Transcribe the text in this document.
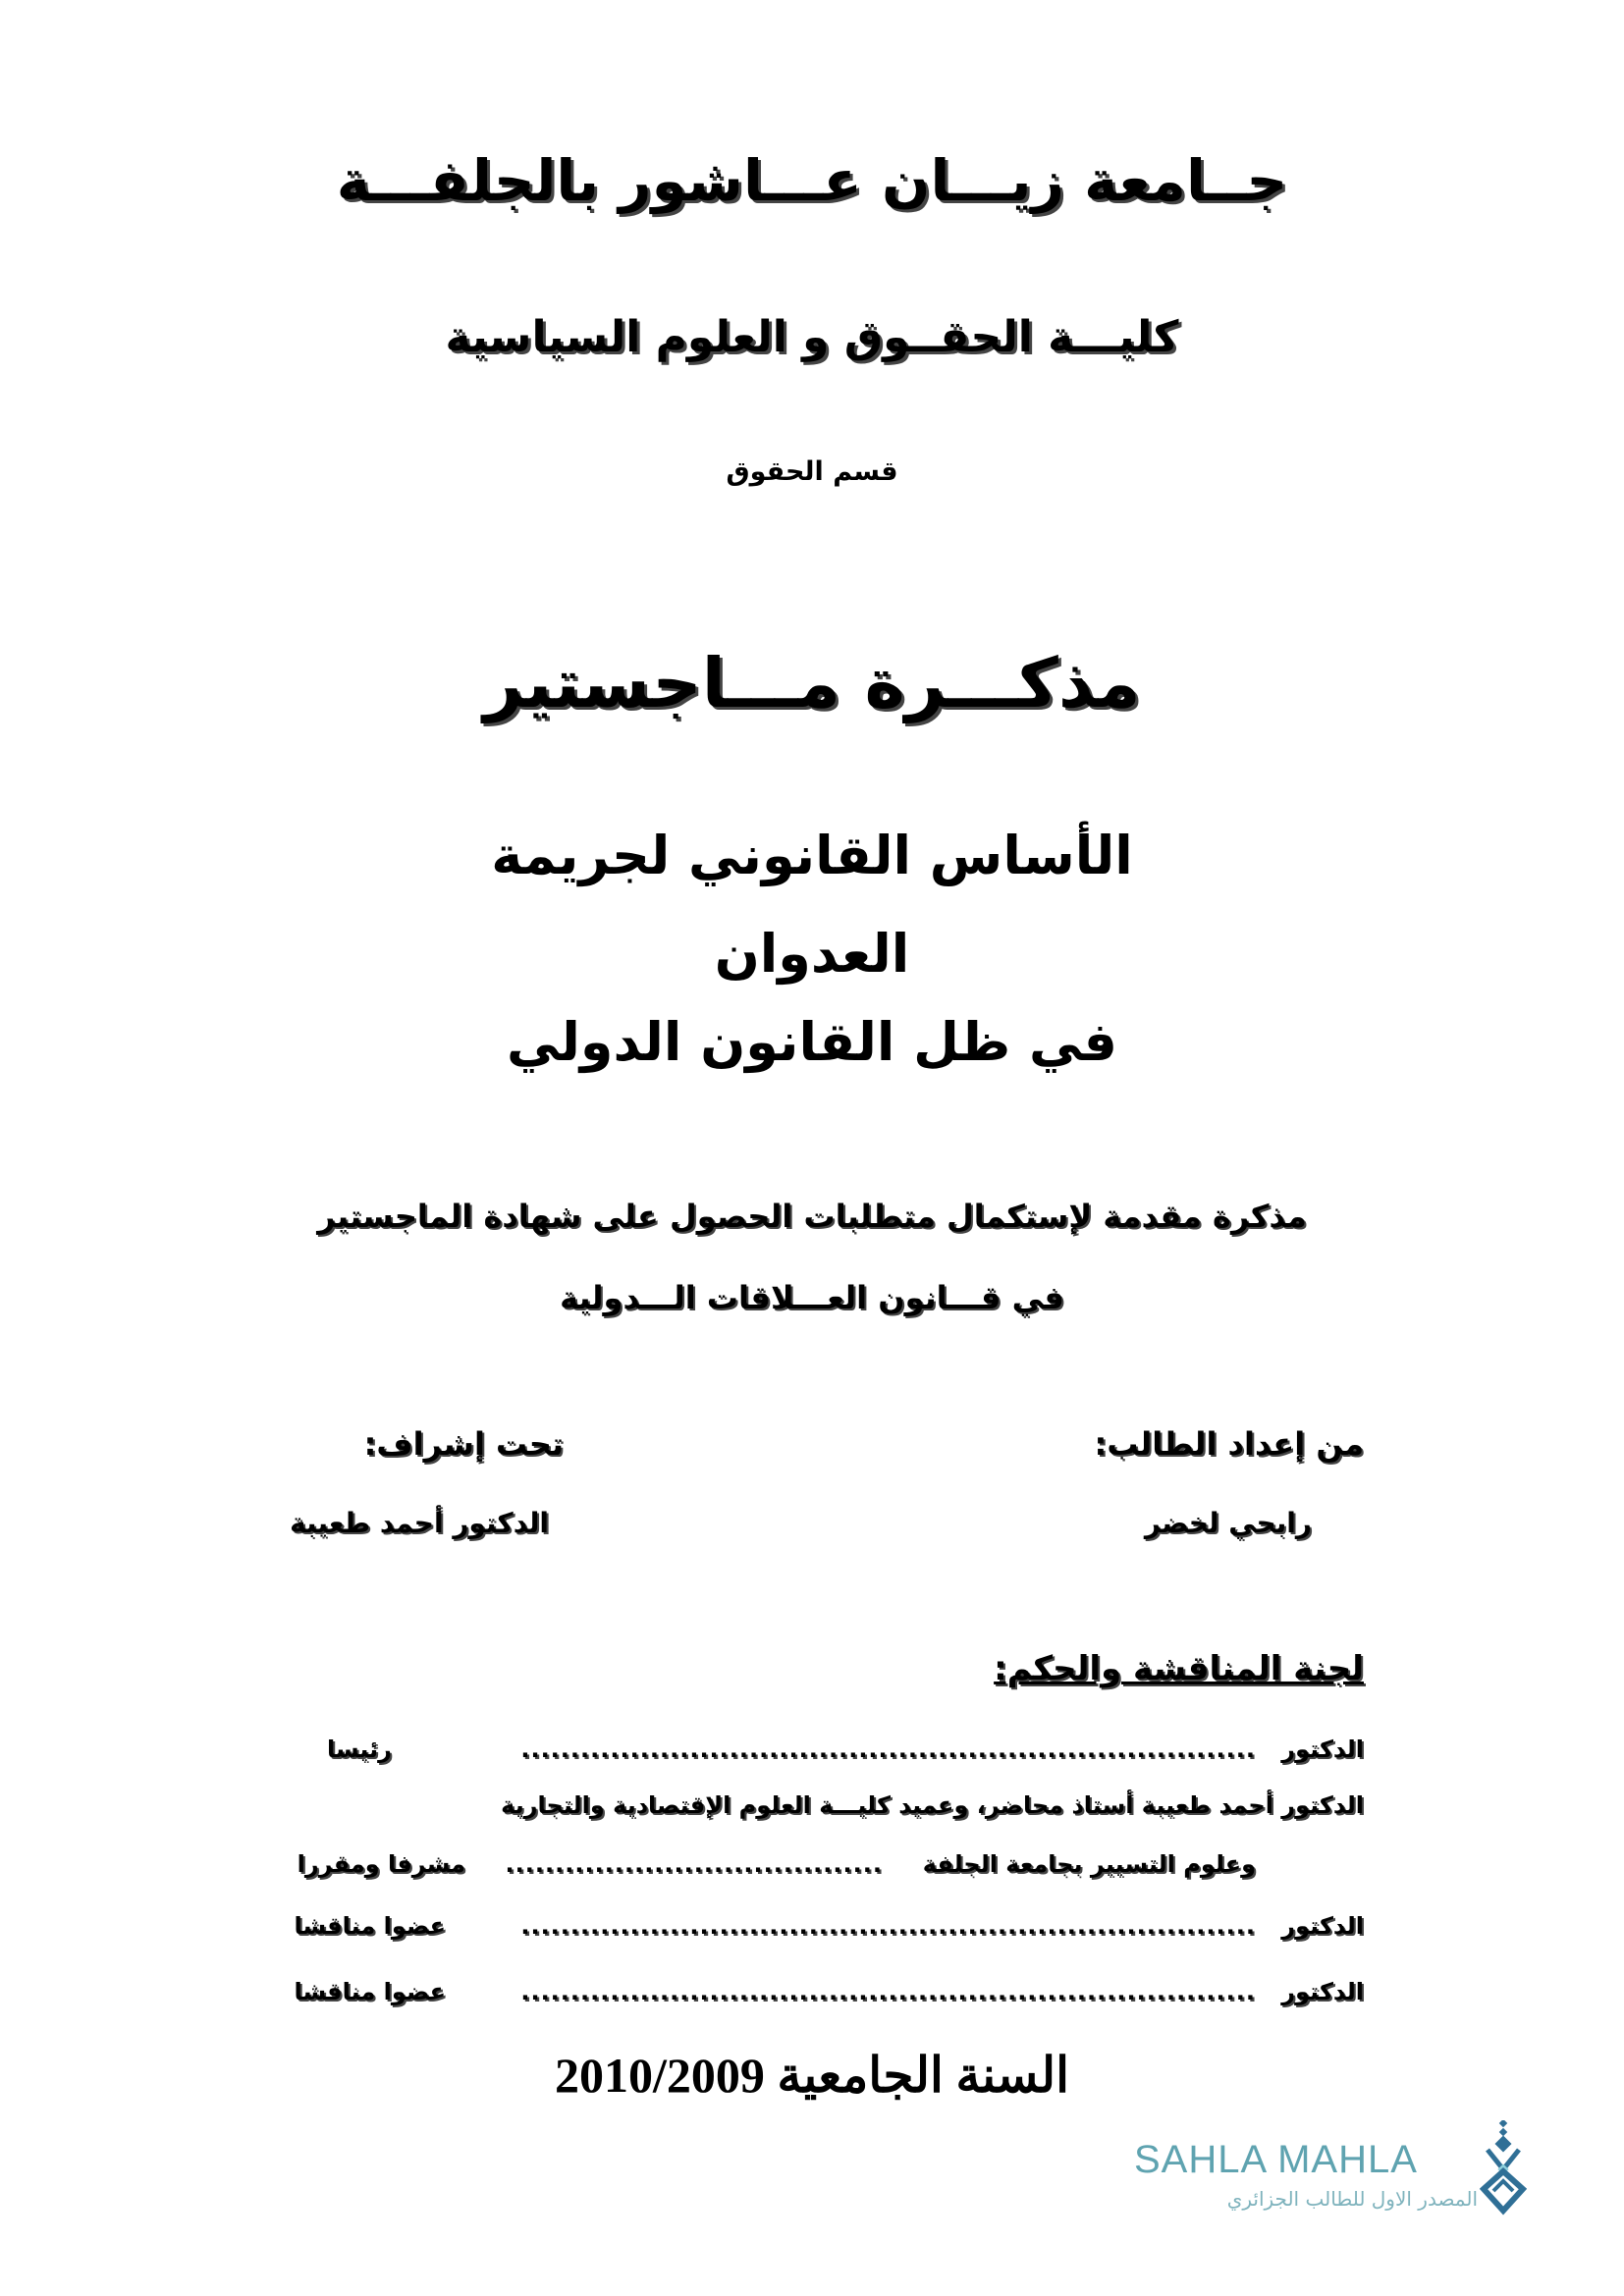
جــامعة زيـــان عـــاشور بالجلفـــة
كليـــة الحقــوق و العلوم السياسية
قسم الحقوق
مذكـــرة مـــاجستير
الأساس القانوني لجريمة
العدوان
في ظل القانون الدولي
مذكرة مقدمة لإستكمال متطلبات الحصول على شهادة الماجستير
في قـــانون العـــلاقات الـــدولية
من إعداد الطالب:
رابحي لخضر
تحت إشراف:
الدكتور أحمد طعيبة
لجنة المناقشة والحكم:
الدكتور
..........................................................................
رئيسا
الدكتور أحمد طعيبة أستاذ محاضر، وعميد كليـــة العلوم الإقتصادية والتجارية
وعلوم التسيير بجامعة الجلفة
......................................
مشرفا ومقررا
الدكتور
..........................................................................
عضوا مناقشا
الدكتور
..........................................................................
عضوا مناقشا
السنة الجامعية 2010/2009
SAHLA MAHLA
المصدر الاول للطالب الجزائري
